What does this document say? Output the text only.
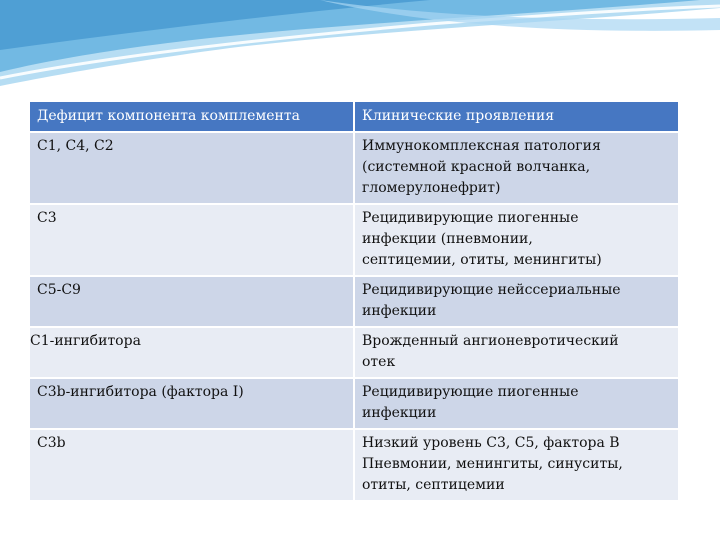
Дефицит компонента комплемента	Клинические проявления
C1, C4, C2	Иммунокомплексная патология
(системной красной волчанка,
гломерулонефрит)

C3	Рецидивирующие пиогенные
инфекции (пневмонии,
септицемии, отиты, менингиты)

C5-C9	Рецидивирующие нейссериальные
инфекции

C1-ингибитора	Врожденный ангионевротический
отек

C3b-ингибитора (фактора I)	Рецидивирующие пиогенные
инфекции

C3b	Низкий уровень C3, C5, фактора B
Пневмонии, менингиты, синуситы,
отиты, септицемии
